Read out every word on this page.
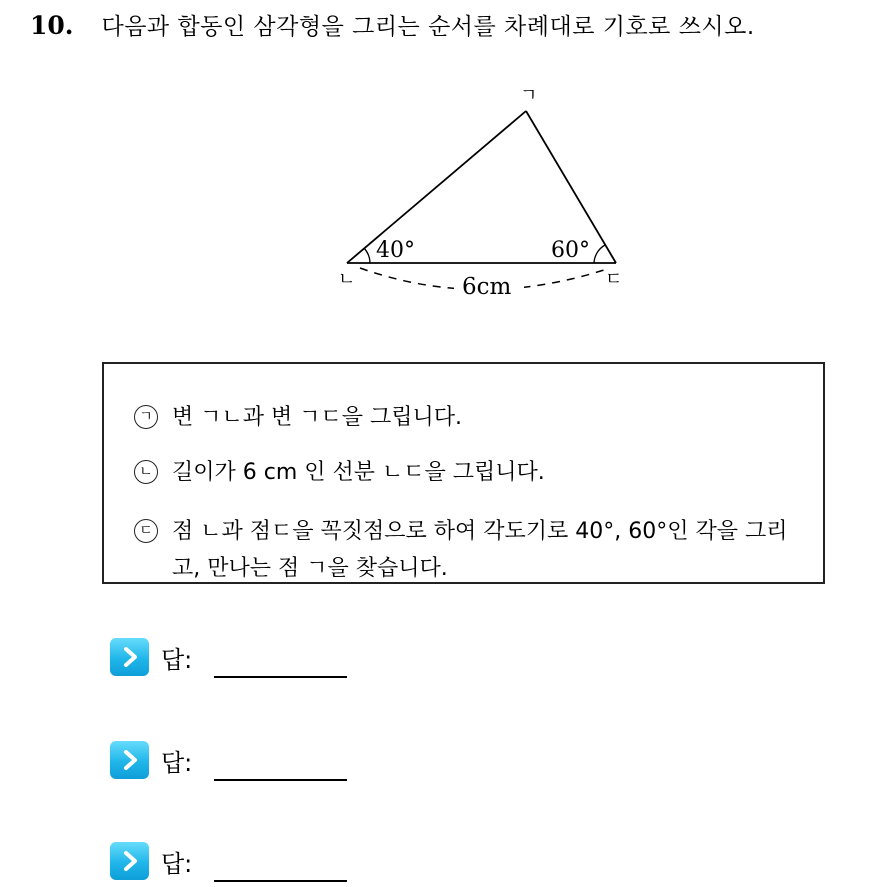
10. 다음과 합동인 삼각형을 그리는 순서를 차례대로 기호로 쓰시오.
ㄱ
ㄴ	ㄷ
40°	60°
6cm
ㄱ 변 ㄱㄴ과 변 ㄱㄷ을 그립니다.
ㄴ 길이가 6 cm 인 선분 ㄴㄷ을 그립니다.
ㄷ 점 ㄴ과 점ㄷ을 꼭짓점으로 하여 각도기로 40°, 60°인 각을 그리고, 만나는 점 ㄱ을 찾습니다.
답:
답:
답:
